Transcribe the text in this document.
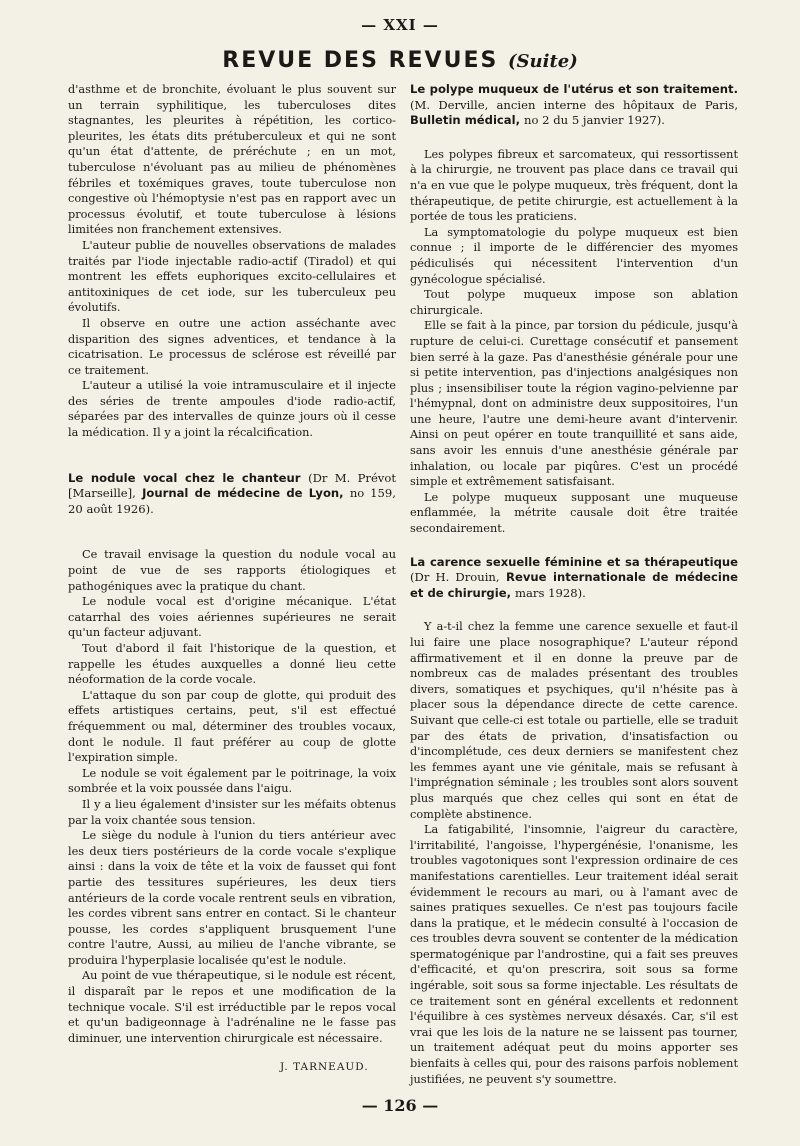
— XXI —
REVUE DES REVUES (Suite)

d'asthme et de bronchite, évoluant le plus souvent sur un terrain syphilitique, les tuberculoses dites stagnantes, les pleurites à répétition, les cortico-pleurites, les états dits prétuberculeux et qui ne sont qu'un état d'attente, de préréchute ; en un mot, tuberculose n'évoluant pas au milieu de phénomènes fébriles et toxémiques graves, toute tuberculose non congestive où l'hémoptysie n'est pas en rapport avec un processus évolutif, et toute tuberculose à lésions limitées non franchement extensives.

L'auteur publie de nouvelles observations de malades traités par l'iode injectable radio-actif (Tiradol) et qui montrent les effets euphoriques excito-cellulaires et antitoxiniques de cet iode, sur les tuberculeux peu évolutifs.

Il observe en outre une action asséchante avec disparition des signes adventices, et tendance à la cicatrisation. Le processus de sclérose est réveillé par ce traitement.

L'auteur a utilisé la voie intramusculaire et il injecte des séries de trente ampoules d'iode radio-actif, séparées par des intervalles de quinze jours où il cesse la médication. Il y a joint la récalcification.

Le nodule vocal chez le chanteur (Dr M. Prévot [Marseille], Journal de médecine de Lyon, no 159, 20 août 1926).

Ce travail envisage la question du nodule vocal au point de vue de ses rapports étiologiques et pathogéniques avec la pratique du chant.

Le nodule vocal est d'origine mécanique. L'état catarrhal des voies aériennes supérieures ne serait qu'un facteur adjuvant.

Tout d'abord il fait l'historique de la question, et rappelle les études auxquelles a donné lieu cette néoformation de la corde vocale.

L'attaque du son par coup de glotte, qui produit des effets artistiques certains, peut, s'il est effectué fréquemment ou mal, déterminer des troubles vocaux, dont le nodule. Il faut préférer au coup de glotte l'expiration simple.

Le nodule se voit également par le poitrinage, la voix sombrée et la voix poussée dans l'aigu.

Il y a lieu également d'insister sur les méfaits obtenus par la voix chantée sous tension.

Le siège du nodule à l'union du tiers antérieur avec les deux tiers postérieurs de la corde vocale s'explique ainsi : dans la voix de tête et la voix de fausset qui font partie des tessitures supérieures, les deux tiers antérieurs de la corde vocale rentrent seuls en vibration, les cordes vibrent sans entrer en contact. Si le chanteur pousse, les cordes s'appliquent brusquement l'une contre l'autre, Aussi, au milieu de l'anche vibrante, se produira l'hyperplasie localisée qu'est le nodule.

Au point de vue thérapeutique, si le nodule est récent, il disparaît par le repos et une modification de la technique vocale. S'il est irréductible par le repos vocal et qu'un badigeonnage à l'adrénaline ne le fasse pas diminuer, une intervention chirurgicale est nécessaire.

J. TARNEAUD.

Le polype muqueux de l'utérus et son traitement. (M. Derville, ancien interne des hôpitaux de Paris, Bulletin médical, no 2 du 5 janvier 1927).

Les polypes fibreux et sarcomateux, qui ressortissent à la chirurgie, ne trouvent pas place dans ce travail qui n'a en vue que le polype muqueux, très fréquent, dont la thérapeutique, de petite chirurgie, est actuellement à la portée de tous les praticiens.

La symptomatologie du polype muqueux est bien connue ; il importe de le différencier des myomes pédiculisés qui nécessitent l'intervention d'un gynécologue spécialisé.

Tout polype muqueux impose son ablation chirurgicale.

Elle se fait à la pince, par torsion du pédicule, jusqu'à rupture de celui-ci. Curettage consécutif et pansement bien serré à la gaze. Pas d'anesthésie générale pour une si petite intervention, pas d'injections analgésiques non plus ; insensibiliser toute la région vagino-pelvienne par l'hémypnal, dont on administre deux suppositoires, l'un une heure, l'autre une demi-heure avant d'intervenir. Ainsi on peut opérer en toute tranquillité et sans aide, sans avoir les ennuis d'une anesthésie générale par inhalation, ou locale par piqûres. C'est un procédé simple et extrêmement satisfaisant.

Le polype muqueux supposant une muqueuse enflammée, la métrite causale doit être traitée secondairement.

La carence sexuelle féminine et sa thérapeutique (Dr H. Drouin, Revue internationale de médecine et de chirurgie, mars 1928).

Y a-t-il chez la femme une carence sexuelle et faut-il lui faire une place nosographique? L'auteur répond affirmativement et il en donne la preuve par de nombreux cas de malades présentant des troubles divers, somatiques et psychiques, qu'il n'hésite pas à placer sous la dépendance directe de cette carence. Suivant que celle-ci est totale ou partielle, elle se traduit par des états de privation, d'insatisfaction ou d'incomplétude, ces deux derniers se manifestent chez les femmes ayant une vie génitale, mais se refusant à l'imprégnation séminale ; les troubles sont alors souvent plus marqués que chez celles qui sont en état de complète abstinence.

La fatigabilité, l'insomnie, l'aigreur du caractère, l'irritabilité, l'angoisse, l'hypergénésie, l'onanisme, les troubles vagotoniques sont l'expression ordinaire de ces manifestations carentielles. Leur traitement idéal serait évidemment le recours au mari, ou à l'amant avec de saines pratiques sexuelles. Ce n'est pas toujours facile dans la pratique, et le médecin consulté à l'occasion de ces troubles devra souvent se contenter de la médication spermatogénique par l'androstine, qui a fait ses preuves d'efficacité, et qu'on prescrira, soit sous sa forme ingérable, soit sous sa forme injectable. Les résultats de ce traitement sont en général excellents et redonnent l'équilibre à ces systèmes nerveux désaxés. Car, s'il est vrai que les lois de la nature ne se laissent pas tourner, un traitement adéquat peut du moins apporter ses bienfaits à celles qui, pour des raisons parfois noblement justifiées, ne peuvent s'y soumettre.

— 126 —
